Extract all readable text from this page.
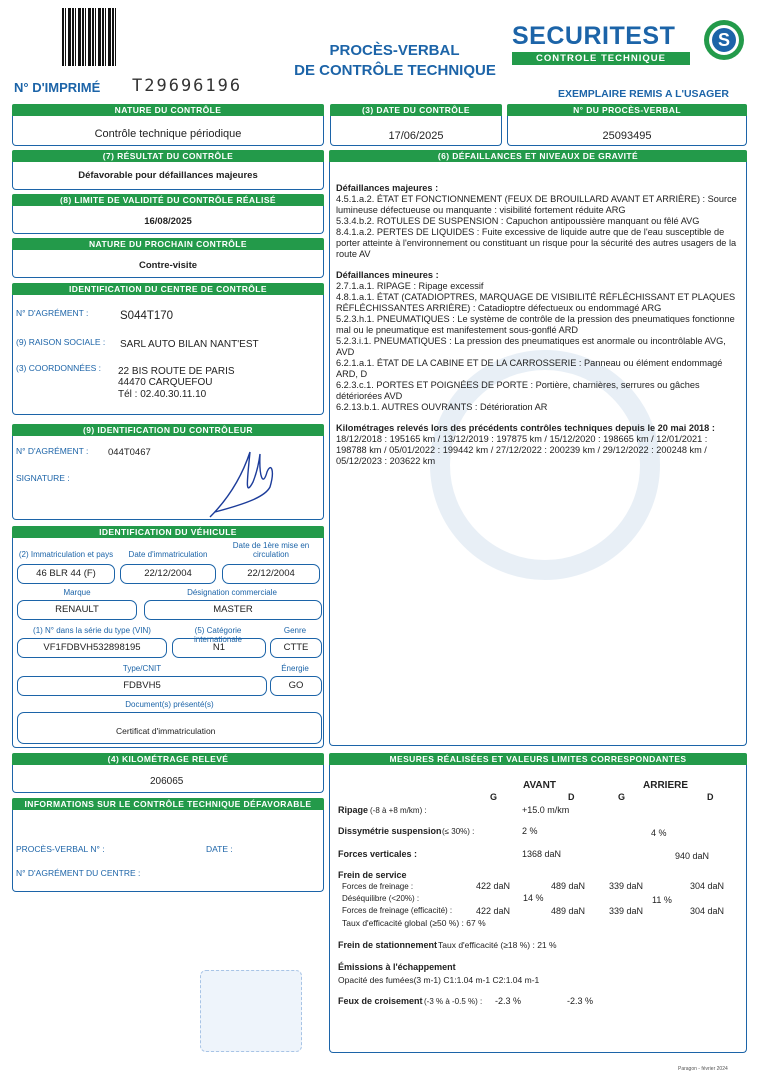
N° D'IMPRIMÉ T29696196
PROCÈS-VERBAL
DE CONTRÔLE TECHNIQUE
SECURITEST
CONTROLE TECHNIQUE
S
EXEMPLAIRE REMIS A L'USAGER
NATURE DU CONTRÔLE
Contrôle technique périodique
(3) DATE DU CONTRÔLE
17/06/2025
N° DU PROCÈS-VERBAL
25093495
(7) RÉSULTAT DU CONTRÔLE
Défavorable pour défaillances majeures
(8) LIMITE DE VALIDITÉ DU CONTRÔLE RÉALISÉ
16/08/2025
NATURE DU PROCHAIN CONTRÔLE
Contre-visite
IDENTIFICATION DU CENTRE DE CONTRÔLE
N° D'AGRÉMENT :	S044T170
(9) RAISON SOCIALE : SARL AUTO BILAN NANT'EST
(3) COORDONNÉES : 22 BIS ROUTE DE PARIS
44470 CARQUEFOU
Tél : 02.40.30.11.10
(9) IDENTIFICATION DU CONTRÔLEUR
N° D'AGRÉMENT : 044T0467
SIGNATURE :
IDENTIFICATION DU VÉHICULE
(2) Immatriculation et pays
46 BLR 44 (F)
Date d'immatriculation
22/12/2004
Date de 1ère mise en circulation
22/12/2004
Marque
RENAULT
Désignation commerciale
MASTER
(1) N° dans la série du type (VIN)
VF1FDBVH532898195
(5) Catégorie internationale
N1
Genre
CTTE
Type/CNIT
FDBVH5
Énergie
GO
Document(s) présenté(s)
Certificat d'immatriculation
(4) KILOMÉTRAGE RELEVÉ
206065
INFORMATIONS SUR LE CONTRÔLE TECHNIQUE DÉFAVORABLE
PROCÈS-VERBAL N° :	DATE :
N° D'AGRÉMENT DU CENTRE :
(6) DÉFAILLANCES ET NIVEAUX DE GRAVITÉ
Défaillances majeures :
4.5.1.a.2. ÉTAT ET FONCTIONNEMENT (FEUX DE BROUILLARD AVANT ET ARRIÈRE) : Source lumineuse défectueuse ou manquante : visibilité fortement réduite ARG
5.3.4.b.2. ROTULES DE SUSPENSION : Capuchon antipoussière manquant ou fêlé AVG
8.4.1.a.2. PERTES DE LIQUIDES : Fuite excessive de liquide autre que de l'eau susceptible de porter atteinte à l'environnement ou constituant un risque pour la sécurité des autres usagers de la route AV
Défaillances mineures :
2.7.1.a.1. RIPAGE : Ripage excessif
4.8.1.a.1. ÉTAT (CATADIOPTRES, MARQUAGE DE VISIBILITÉ RÉFLÉCHISSANT ET PLAQUES RÉFLÉCHISSANTES ARRIÈRE) : Catadioptre défectueux ou endommagé ARG
5.2.3.h.1. PNEUMATIQUES : Le système de contrôle de la pression des pneumatiques fonctionne mal ou le pneumatique est manifestement sous-gonflé ARD
5.2.3.i.1. PNEUMATIQUES : La pression des pneumatiques est anormale ou incontrôlable AVG, AVD
6.2.1.a.1. ÉTAT DE LA CABINE ET DE LA CARROSSERIE : Panneau ou élément endommagé ARD, D
6.2.3.c.1. PORTES ET POIGNÉES DE PORTE : Portière, charnières, serrures ou gâches détériorées AVD
6.2.13.b.1. AUTRES OUVRANTS : Détérioration AR
Kilométrages relevés lors des précédents contrôles techniques depuis le 20 mai 2018 :
18/12/2018 : 195165 km / 13/12/2019 : 197875 km / 15/12/2020 : 198665 km / 12/01/2021 : 198788 km / 05/01/2022 : 199442 km / 27/12/2022 : 200239 km / 29/12/2022 : 200248 km / 05/12/2023 : 203622 km
MESURES RÉALISÉES ET VALEURS LIMITES CORRESPONDANTES
AVANT	ARRIERE
G	D	G	D
Ripage (-8 à +8 m/km) :	+15.0 m/km
Dissymétrie suspension (≤ 30%) :	2 %	4 %
Forces verticales :	1368 daN	940 daN
Frein de service
Forces de freinage :	422 daN	489 daN	339 daN	304 daN
Déséquilibre (<20%) :	14 %	11 %
Forces de freinage (efficacité) :	422 daN	489 daN	339 daN	304 daN
Taux d'efficacité global (≥50 %) : 67 %
Frein de stationnement Taux d'efficacité (≥18 %) : 21 %
Émissions à l'échappement
Opacité des fumées(3 m-1) C1:1.04 m-1 C2:1.04 m-1
Feux de croisement (-3 % à -0.5 %) : -2.3 %	-2.3 %
Paragon - février 2024
